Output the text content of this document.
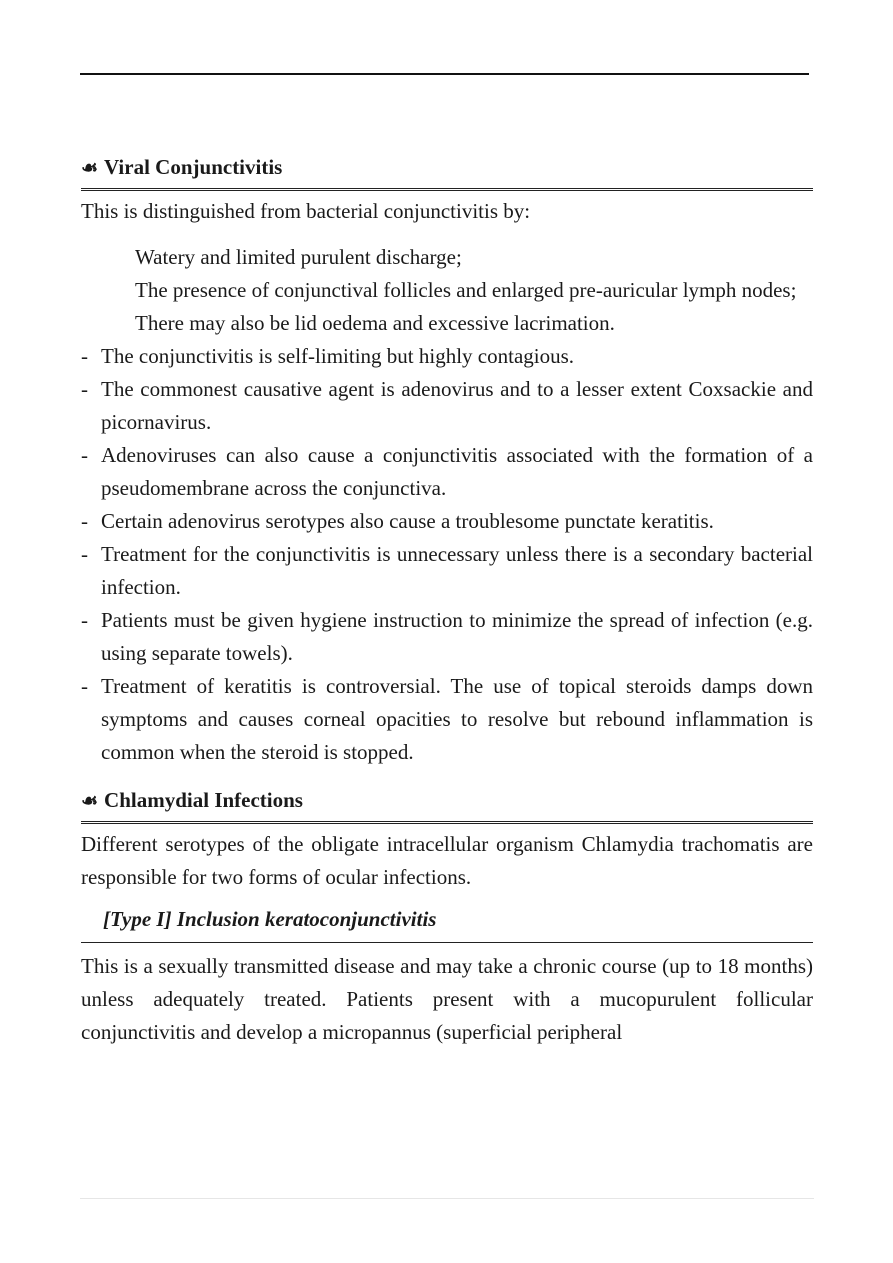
☙ Viral Conjunctivitis

This is distinguished from bacterial conjunctivitis by:

Watery and limited purulent discharge;

The presence of conjunctival follicles and enlarged pre-auricular lymph nodes;

There may also be lid oedema and excessive lacrimation.

- The conjunctivitis is self-limiting but highly contagious.
- The commonest causative agent is adenovirus and to a lesser extent Coxsackie and picornavirus.
- Adenoviruses can also cause a conjunctivitis associated with the formation of a pseudomembrane across the conjunctiva.
- Certain adenovirus serotypes also cause a troublesome punctate keratitis.
- Treatment for the conjunctivitis is unnecessary unless there is a secondary bacterial infection.
- Patients must be given hygiene instruction to minimize the spread of infection (e.g. using separate towels).
- Treatment of keratitis is controversial. The use of topical steroids damps down symptoms and causes corneal opacities to resolve but rebound inflammation is common when the steroid is stopped.
☙ Chlamydial Infections

Different serotypes of the obligate intracellular organism Chlamydia trachomatis are responsible for two forms of ocular infections.

[Type I] Inclusion keratoconjunctivitis

This is a sexually transmitted disease and may take a chronic course (up to 18 months) unless adequately treated. Patients present with a mucopurulent follicular conjunctivitis and develop a micropannus (superficial peripheral
